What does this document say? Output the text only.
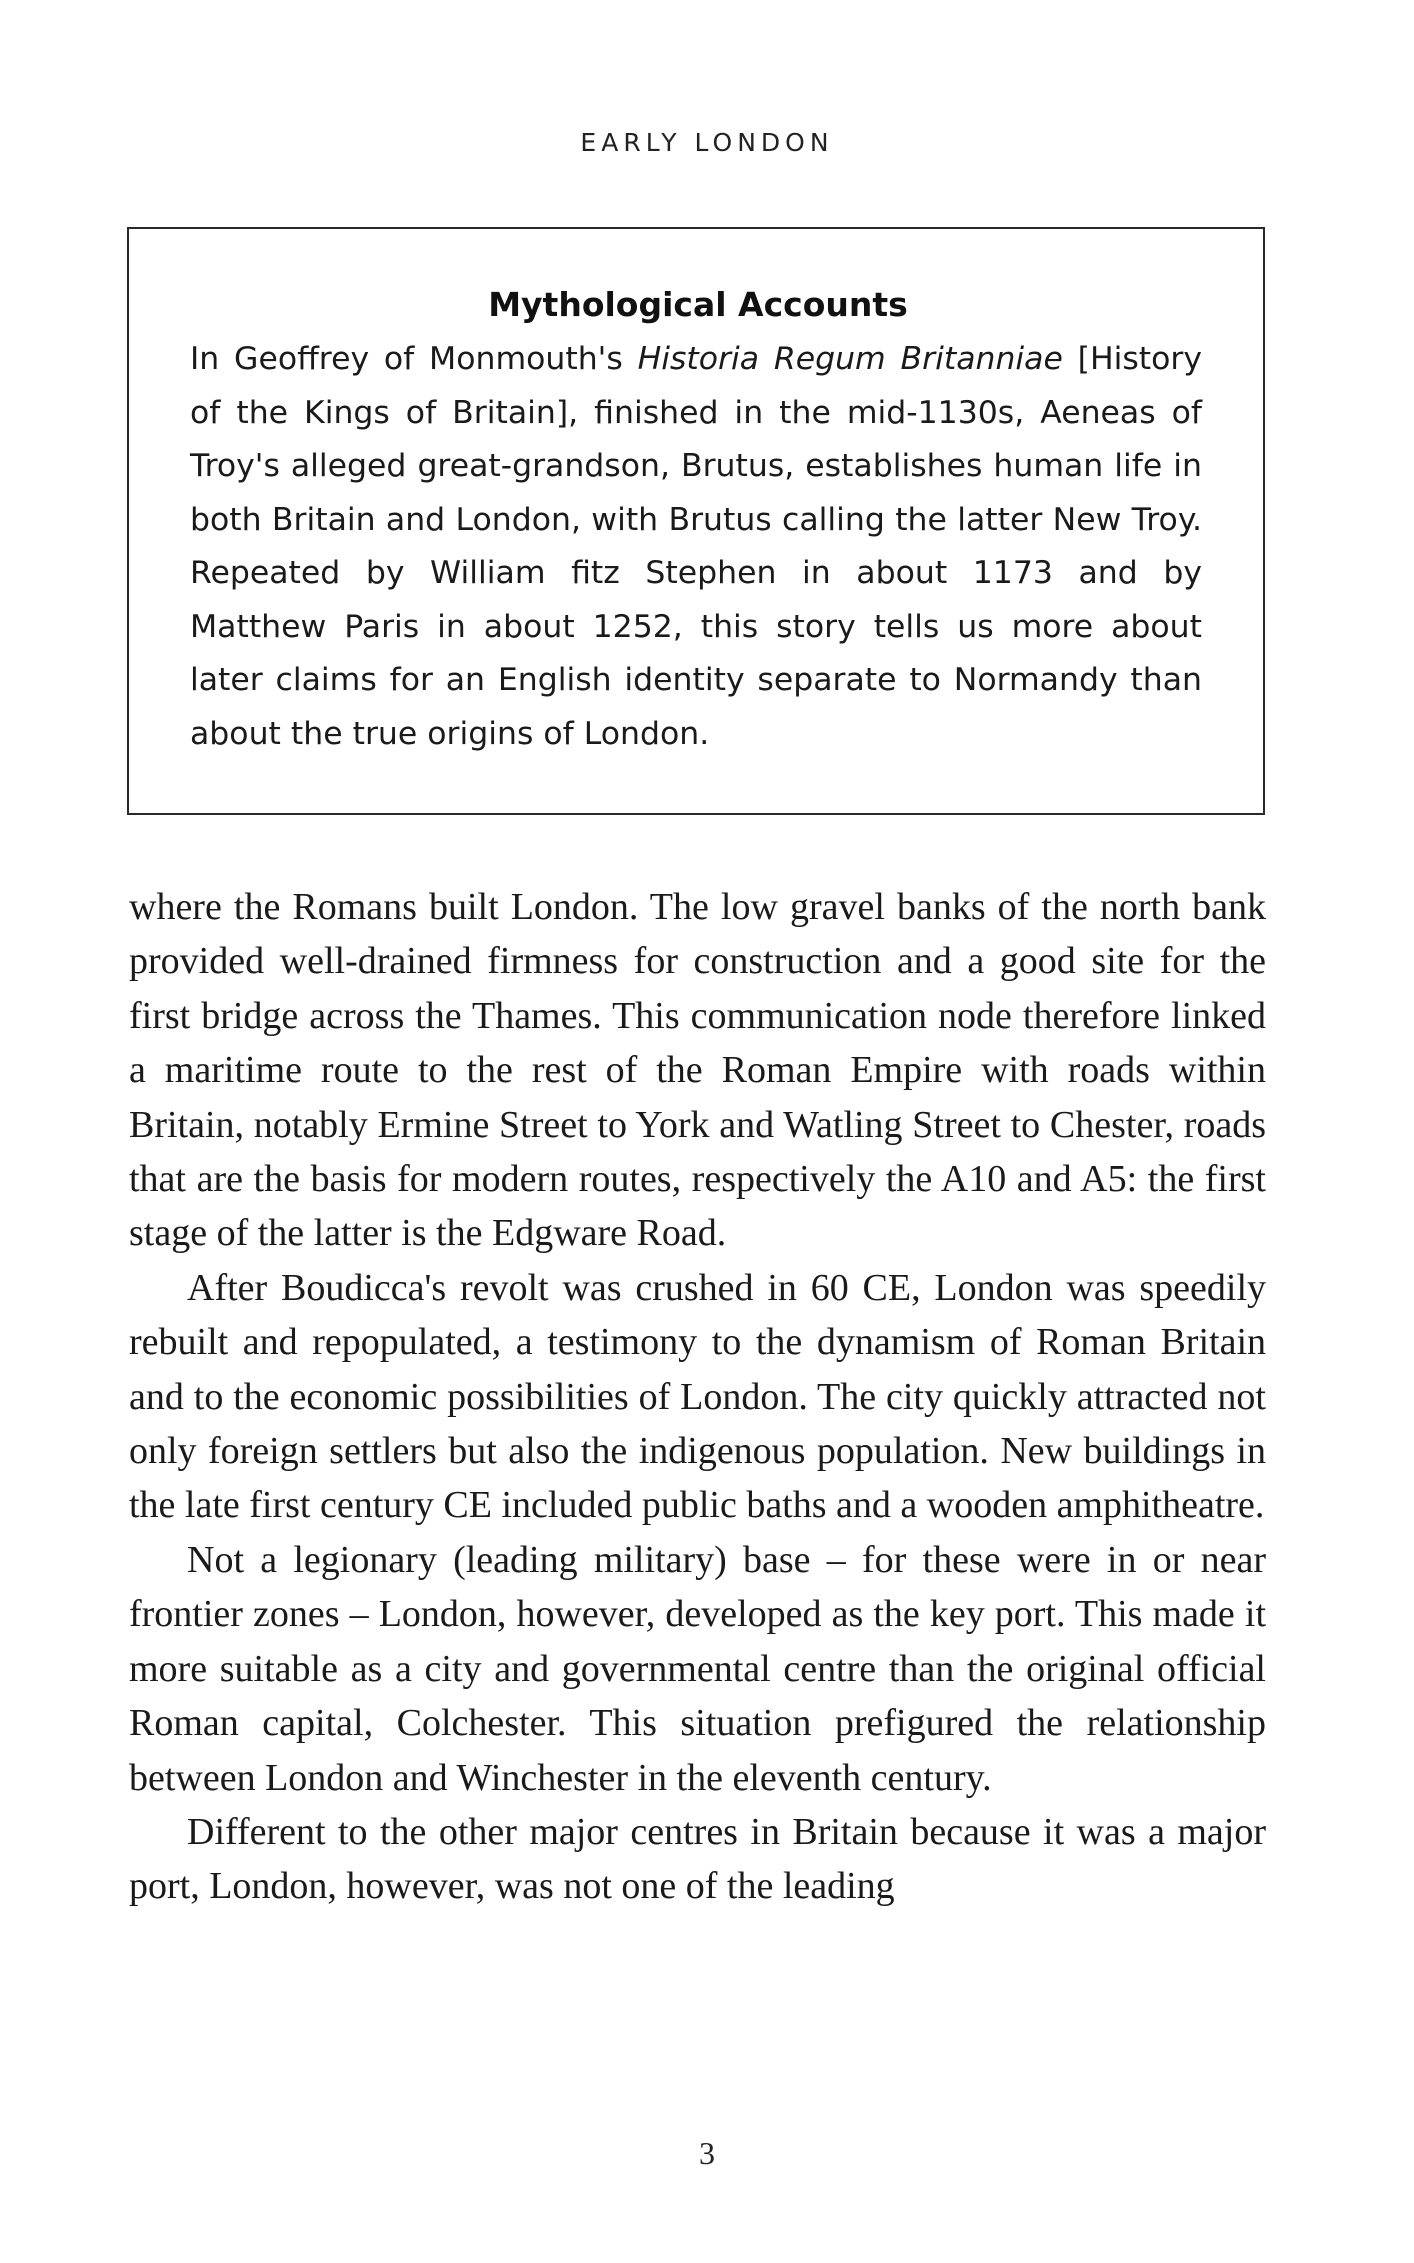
EARLY LONDON
Mythological Accounts

In Geoffrey of Monmouth's Historia Regum Britanniae [History of the Kings of Britain], finished in the mid-1130s, Aeneas of Troy's alleged great-grandson, Brutus, establishes human life in both Britain and London, with Brutus calling the latter New Troy. Repeated by William fitz Stephen in about 1173 and by Matthew Paris in about 1252, this story tells us more about later claims for an English identity separate to Normandy than about the true origins of London.

where the Romans built London. The low gravel banks of the north bank provided well-drained firmness for construction and a good site for the first bridge across the Thames. This communication node therefore linked a maritime route to the rest of the Roman Empire with roads within Britain, notably Ermine Street to York and Watling Street to Chester, roads that are the basis for modern routes, respectively the A10 and A5: the first stage of the latter is the Edgware Road.

After Boudicca's revolt was crushed in 60 CE, London was speedily rebuilt and repopulated, a testimony to the dynamism of Roman Britain and to the economic possibilities of London. The city quickly attracted not only foreign settlers but also the indigenous population. New buildings in the late first century CE included public baths and a wooden amphitheatre.

Not a legionary (leading military) base – for these were in or near frontier zones – London, however, developed as the key port. This made it more suitable as a city and governmental centre than the original official Roman capital, Colchester. This situation prefigured the relationship between London and Winchester in the eleventh century.

Different to the other major centres in Britain because it was a major port, London, however, was not one of the leading

3
